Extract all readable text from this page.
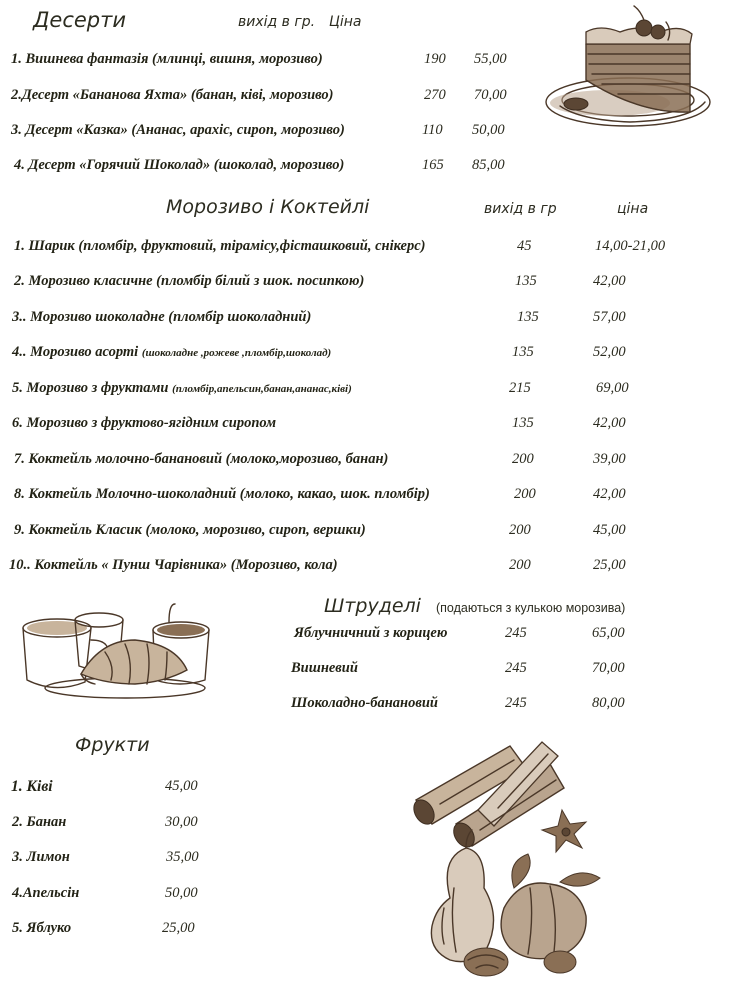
Десерти	вихід в гр. Ціна
1. Вишнева фантазія (млинці, вишня, морозиво)	190 55,00
2.Десерт «Бананова Яхта» (банан, ківі, морозиво)	270 70,00
3. Десерт «Казка» (Ананас, арахіс, сироп, морозиво)	110 50,00
4. Десерт «Горячий Шоколад» (шоколад, морозиво)	165 85,00
Морозиво і Коктейлі	вихід в гр	ціна
1. Шарик (пломбір, фруктовий, тірамісу,фісташковий, снікерс)	45	14,00-21,00
2. Морозиво класичне (пломбір білий з шок. посипкою)	135	42,00
3.. Морозиво шоколадне (пломбір шоколадний)	135	57,00
4.. Морозиво асорті (шоколадне ,рожеве ,пломбір,шоколад)	135	52,00
5. Морозиво з фруктами (пломбір,апельсин,банан,ананас,ківі)	215	69,00
6. Морозиво з фруктово-ягідним сиропом	135	42,00
7. Коктейль молочно-банановий (молоко,морозиво, банан)	200	39,00
8. Коктейль Молочно-шоколадний (молоко, какао, шок. пломбір)	200	42,00
9. Коктейль Класик (молоко, морозиво, сироп, вершки)	200	45,00
10.. Коктейль « Пунш Чарівника» (Морозиво, кола)	200	25,00
Штруделі (подаються з кулькою морозива)
Яблучничний з корицею	245	65,00
Вишневий	245	70,00
Шоколадно-банановий	245	80,00
Фрукти
1. Ківі	45,00
2. Банан	30,00
3. Лимон	35,00
4.Апельсін	50,00
5. Яблуко	25,00
